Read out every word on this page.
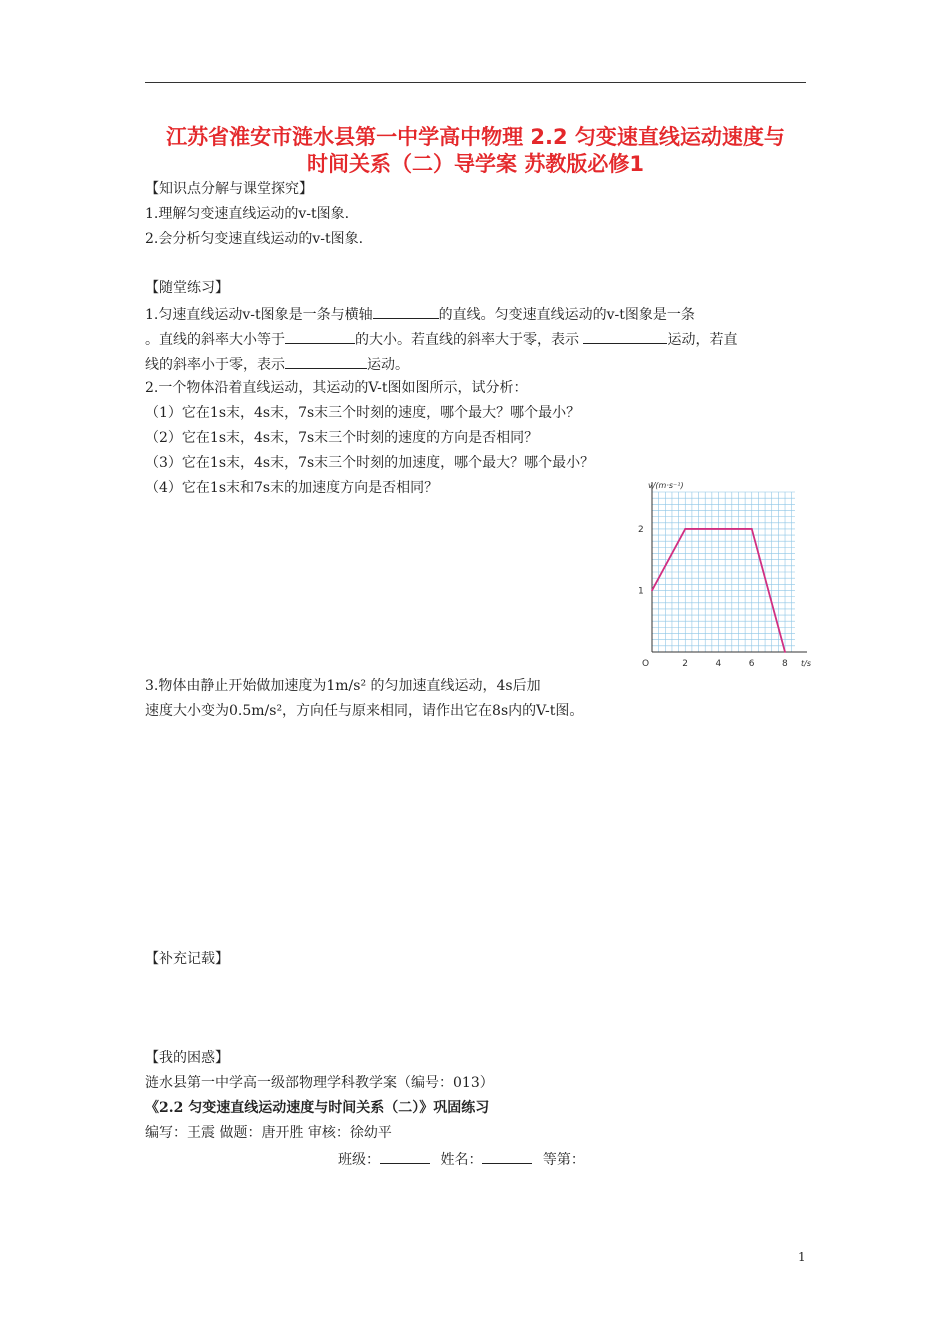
江苏省淮安市涟水县第一中学高中物理 2.2 匀变速直线运动速度与
时间关系（二）导学案 苏教版必修1
【知识点分解与课堂探究】
1.理解匀变速直线运动的v-t图象.
2.会分析匀变速直线运动的v-t图象.
【随堂练习】
1.匀速直线运动v-t图象是一条与横轴	的直线。匀变速直线运动的v-t图象是一条
。直线的斜率大小等于	的大小。若直线的斜率大于零，表示	运动，若直
线的斜率小于零，表示	运动。
2.一个物体沿着直线运动，其运动的V-t图如图所示，试分析：
（1）它在1s末，4s末，7s末三个时刻的速度，哪个最大？哪个最小？
（2）它在1s末，4s末，7s末三个时刻的速度的方向是否相同？
（3）它在1s末，4s末，7s末三个时刻的加速度，哪个最大？哪个最小？
（4）它在1s末和7s末的加速度方向是否相同？
O	2	4	6	8
1
2
v/(m·s⁻¹)
t/s
3.物体由静止开始做加速度为1m/s² 的匀加速直线运动，4s后加
速度大小变为0.5m/s²，方向任与原来相同，请作出它在8s内的V-t图。
【补充记载】
【我的困惑】
涟水县第一中学高一级部物理学科教学案（编号：013）
《2.2 匀变速直线运动速度与时间关系（二）》巩固练习
编写：王震 做题：唐开胜 审核：徐幼平
班级：	姓名：	等第：
1
